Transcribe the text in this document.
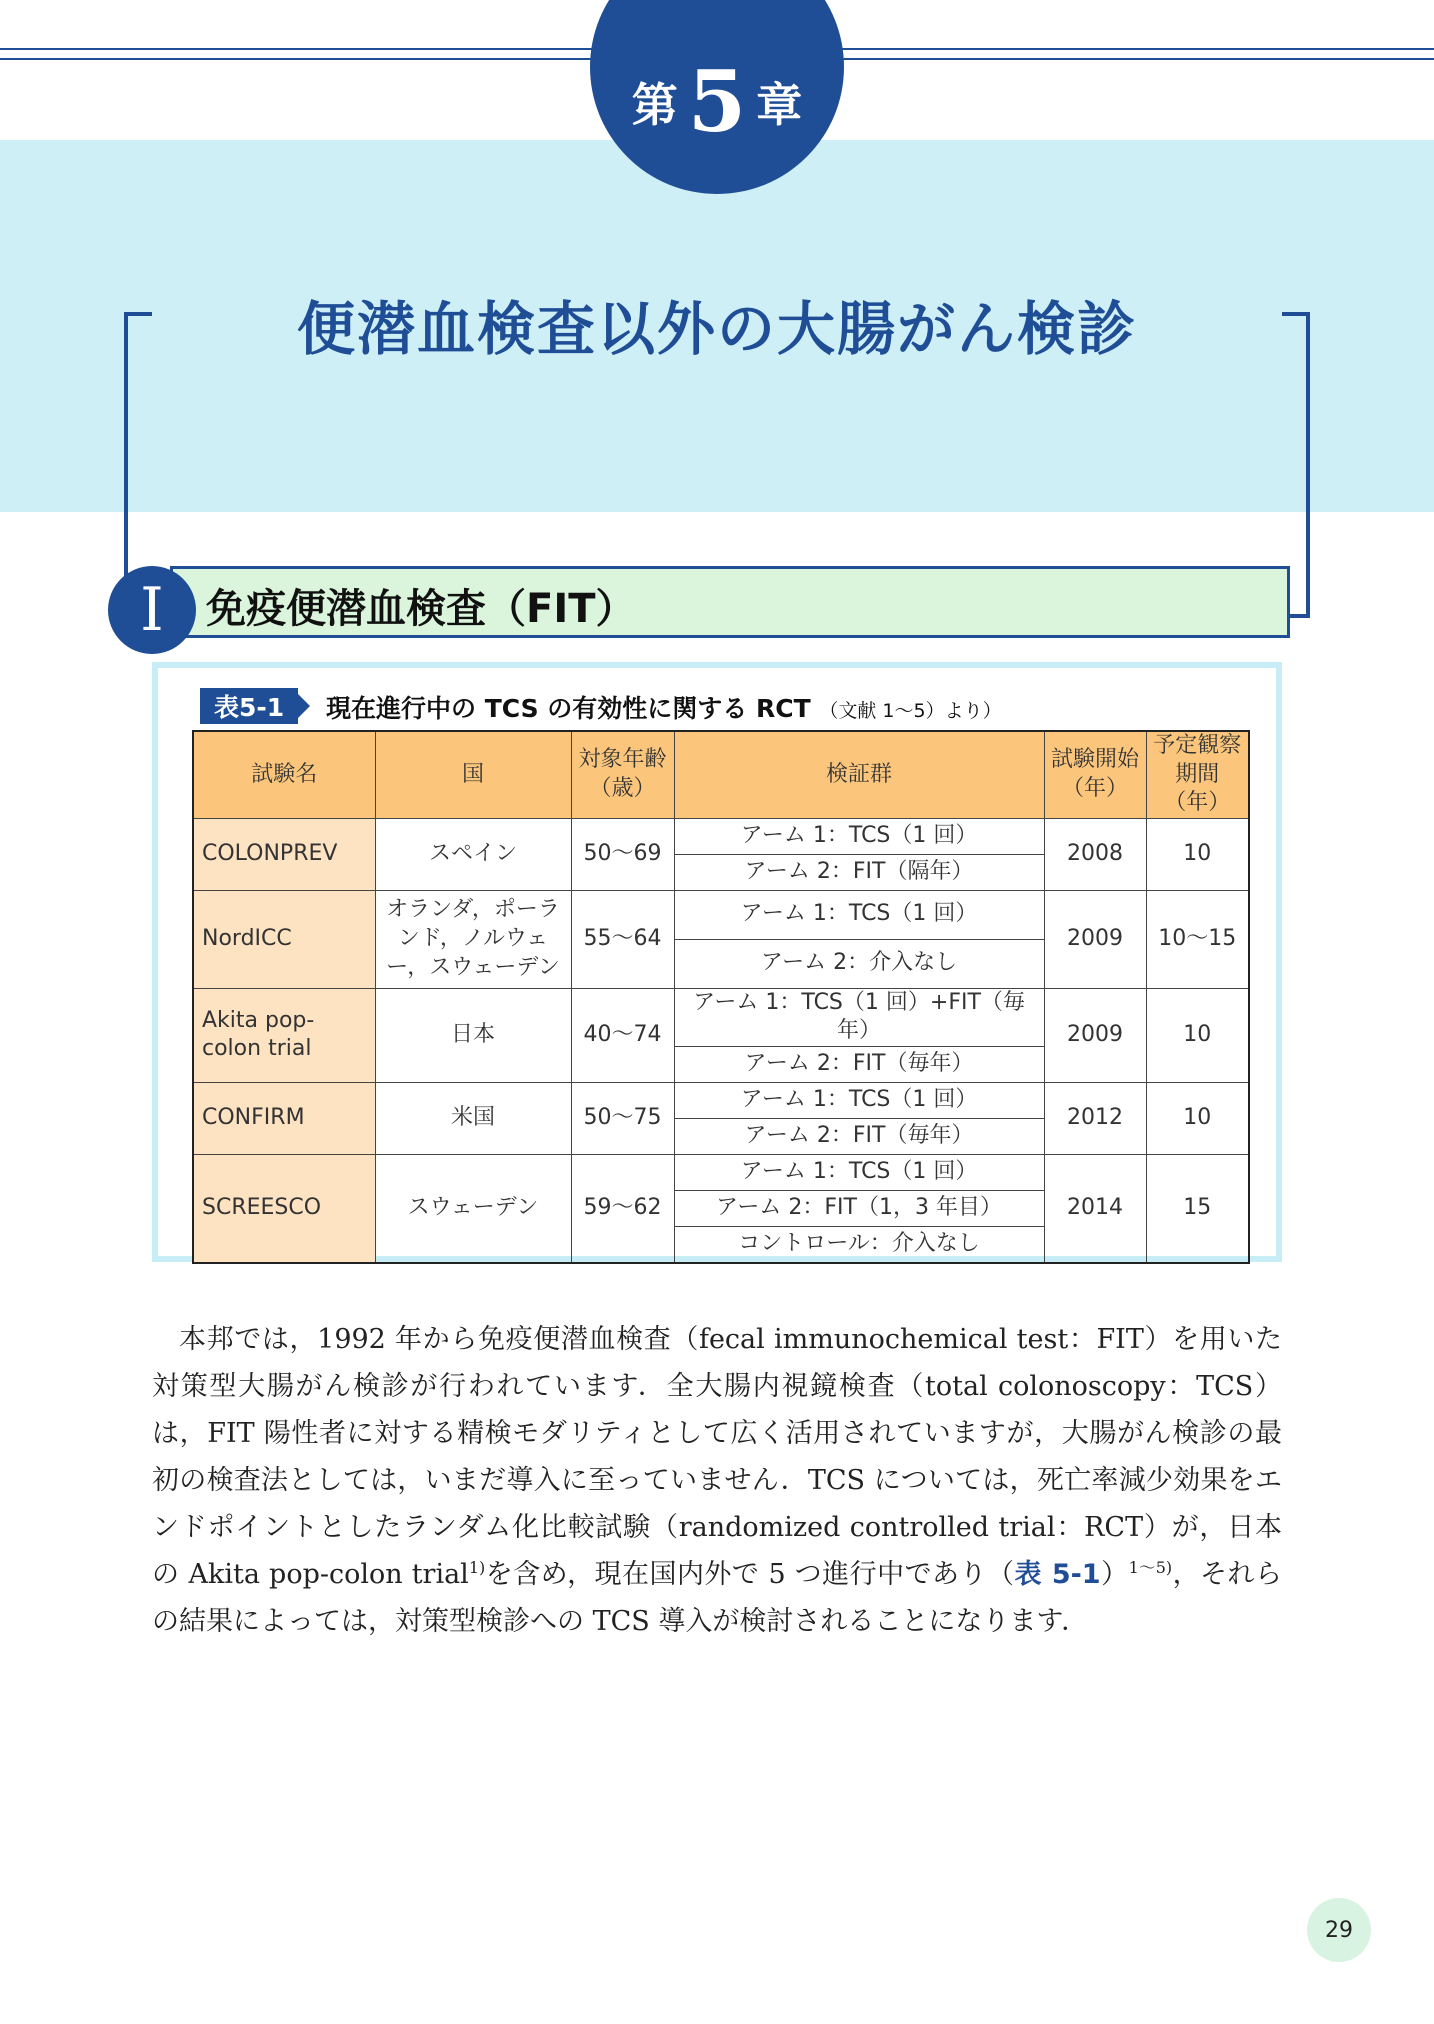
第 5 章
便潜血検査以外の大腸がん検診
I	免疫便潜血検査（FIT）
表5-1	現在進行中の TCS の有効性に関する RCT （文献 1〜5）より）
試験名	国	対象年齢（歳）	検証群	試験開始（年）	予定観察期間（年）
COLONPREV	スペイン	50〜69	アーム 1：TCS（1 回）	2008	10
			アーム 2：FIT（隔年）		
NordICC	オランダ，ポーランド，ノルウェー，スウェーデン	55〜64	アーム 1：TCS（1 回）	2009	10〜15
			アーム 2：介入なし		
Akita pop-colon trial	日本	40〜74	アーム 1：TCS（1 回）+FIT（毎年）	2009	10
			アーム 2：FIT（毎年）		
CONFIRM	米国	50〜75	アーム 1：TCS（1 回）	2012	10
			アーム 2：FIT（毎年）		
SCREESCO	スウェーデン	59〜62	アーム 1：TCS（1 回）	2014	15
			アーム 2：FIT（1，3 年目）		
			コントロール：介入なし		

本邦では，1992 年から免疫便潜血検査（fecal immunochemical test：FIT）を用いた対策型大腸がん検診が行われています．全大腸内視鏡検査（total colonoscopy：TCS）は，FIT 陽性者に対する精検モダリティとして広く活用されていますが，大腸がん検診の最初の検査法としては，いまだ導入に至っていません．TCS については，死亡率減少効果をエンドポイントとしたランダム化比較試験（randomized controlled trial：RCT）が，日本の Akita pop-colon trial$^{1)}$を含め，現在国内外で 5 つ進行中であり（表 5-1）$^{1〜5)}$，それらの結果によっては，対策型検診への TCS 導入が検討されることになります．

29
